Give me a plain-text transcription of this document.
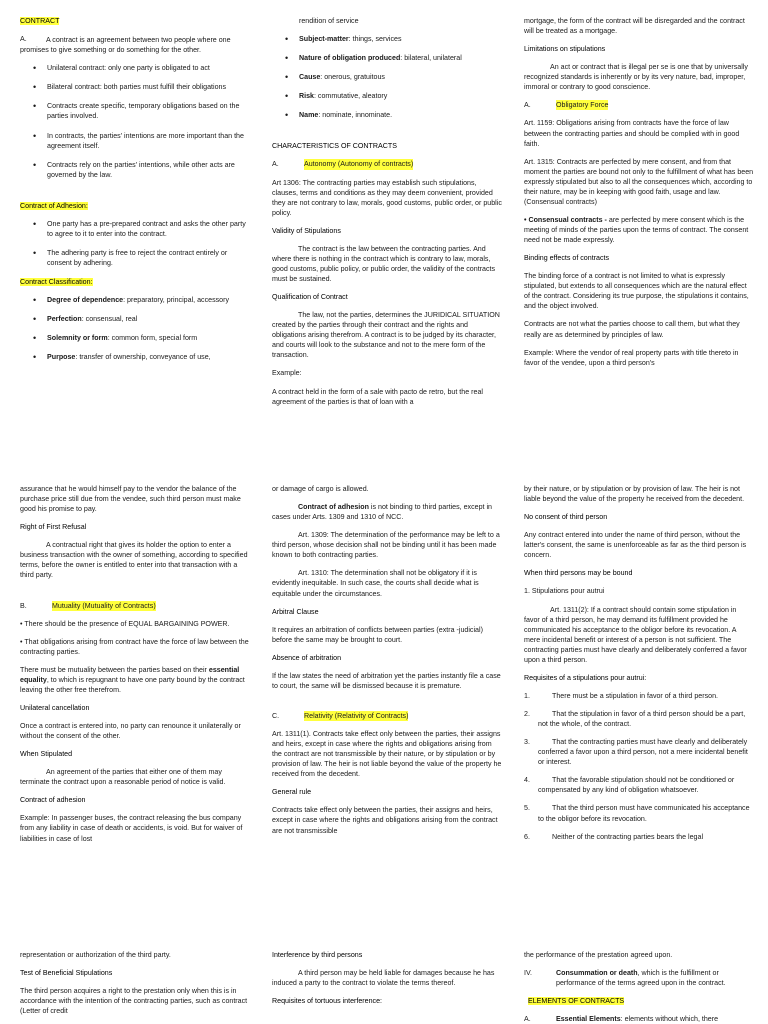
CONTRACT

A.	A contract is an agreement between two people where one promises to give something or do something for the other.

• Unilateral contract: only one party is obligated to act
• Bilateral contract: both parties must fulfill their obligations
• Contracts create specific, temporary obligations based on the parties involved.
• In contracts, the parties' intentions are more important than the agreement itself.
• Contracts rely on the parties' intentions, while other acts are governed by the law.

Contract of Adhesion:

• One party has a pre-prepared contract and asks the other party to agree to it to enter into the contract.
• The adhering party is free to reject the contract entirely or consent by adhering.

Contract Classification:

• Degree of dependence: preparatory, principal, accessory
• Perfection: consensual, real
• Solemnity or form: common form, special form
• Purpose: transfer of ownership, conveyance of use,

rendition of service

• Subject-matter: things, services
• Nature of obligation produced: bilateral, unilateral
• Cause: onerous, gratuitous
• Risk: commutative, aleatory
• Name: nominate, innominate.

CHARACTERISTICS OF CONTRACTS

A.	Autonomy (Autonomy of contracts)

Art 1306: The contracting parties may establish such stipulations, clauses, terms and conditions as they may deem convenient, provided they are not contrary to law, morals, good customs, public order, or public policy.

Validity of Stipulations

The contract is the law between the contracting parties. And where there is nothing in the contract which is contrary to law, morals, good customs, public policy, or public order, the validity of the contracts must be sustained.

Qualification of Contract

The law, not the parties, determines the JURIDICAL SITUATION created by the parties through their contract and the rights and obligations arising therefrom. A contract is to be judged by its character, and courts will look to the substance and not to the mere form of the transaction.

Example:

A contract held in the form of a sale with pacto de retro, but the real agreement of the parties is that of loan with a

mortgage, the form of the contract will be disregarded and the contract will be treated as a mortgage.

Limitations on stipulations

An act or contract that is illegal per se is one that by universally recognized standards is inherently or by its very nature, bad, improper, immoral or contrary to good conscience.

A.	Obligatory Force

Art. 1159: Obligations arising from contracts have the force of law between the contracting parties and should be complied with in good faith.

Art. 1315: Contracts are perfected by mere consent, and from that moment the parties are bound not only to the fulfillment of what has been expressly stipulated but also to all the consequences which, according to their nature, may be in keeping with good faith, usage and law. (Consensual contracts)

• Consensual contracts - are perfected by mere consent which is the meeting of minds of the parties upon the terms of contract. The consent need not be made expressly.

Binding effects of contracts

The binding force of a contract is not limited to what is expressly stipulated, but extends to all consequences which are the natural effect of the contract. Considering its true purpose, the stipulations it contains, and the object involved.

Contracts are not what the parties choose to call them, but what they really are as determined by principles of law.

Example: Where the vendor of real property parts with title thereto in favor of the vendee, upon a third person's

assurance that he would himself pay to the vendor the balance of the purchase price still due from the vendee, such third person must make good his promise to pay.

Right of First Refusal

A contractual right that gives its holder the option to enter a business transaction with the owner of something, according to specified terms, before the owner is entitled to enter into that transaction with a third party.

B.	Mutuality (Mutuality of Contracts)

• There should be the presence of EQUAL BARGAINING POWER.

• That obligations arising from contract have the force of law between the contracting parties.

There must be mutuality between the parties based on their essential equality, to which is repugnant to have one party bound by the contract leaving the other free therefrom.

Unilateral cancellation

Once a contract is entered into, no party can renounce it unilaterally or without the consent of the other.

When Stipulated

An agreement of the parties that either one of them may terminate the contract upon a reasonable period of notice is valid.

Contract of adhesion

Example: In passenger buses, the contract releasing the bus company from any liability in case of death or accidents, is void. But for waiver of liabilities in case of lost

or damage of cargo is allowed.

Contract of adhesion is not binding to third parties, except in cases under Arts. 1309 and 1310 of NCC.

Art. 1309: The determination of the performance may be left to a third person, whose decision shall not be binding until it has been made known to both contracting parties.

Art. 1310: The determination shall not be obligatory if it is evidently inequitable. In such case, the courts shall decide what is equitable under the circumstances.

Arbitral Clause

It requires an arbitration of conflicts between parties (extra -judicial) before the same may be brought to court.

Absence of arbitration

If the law states the need of arbitration yet the parties instantly file a case to court, the same will be dismissed because it is premature.

C.	Relativity (Relativity of Contracts)

Art. 1311(1). Contracts take effect only between the parties, their assigns and heirs, except in case where the rights and obligations arising from the contract are not transmissible by their nature, or by stipulation or by provision of law. The heir is not liable beyond the value of the property he received from the decedent.

General rule

Contracts take effect only between the parties, their assigns and heirs, except in case where the rights and obligations arising from the contract are not transmissible

by their nature, or by stipulation or by provision of law. The heir is not liable beyond the value of the property he received from the decedent.

No consent of third person

Any contract entered into under the name of third person, without the latter's consent, the same is unenforceable as far as the third person is concern.

When third persons may be bound

1. Stipulations pour autrui

Art. 1311(2): If a contract should contain some stipulation in favor of a third person, he may demand its fulfillment provided he communicated his acceptance to the obligor before its revocation. A mere incidental benefit or interest of a person is not sufficient. The contracting parties must have clearly and deliberately conferred a favor upon a third person.

Requisites of a stipulations pour autrui:

1.	There must be a stipulation in favor of a third person.
2.	That the stipulation in favor of a third person should be a part, not the whole, of the contract.
3.	That the contracting parties must have clearly and deliberately conferred a favor upon a third person, not a mere incidental benefit or interest.
4.	That the favorable stipulation should not be conditioned or compensated by any kind of obligation whatsoever.
5.	That the third person must have communicated his acceptance to the obligor before its revocation.
6.	Neither of the contracting parties bears the legal

representation or authorization of the third party.

Test of Beneficial Stipulations

The third person acquires a right to the prestation only when this is in accordance with the intention of the contracting parties, such as contract (Letter of credit

Interference by third persons

A third person may be held liable for damages because he has induced a party to the contract to violate the terms thereof.

Requisites of tortuous interference:

the performance of the prestation agreed upon.

IV.	Consummation or death, which is the fulfillment or performance of the terms agreed upon in the contract.

ELEMENTS OF CONTRACTS

A.	Essential Elements: elements without which, there
